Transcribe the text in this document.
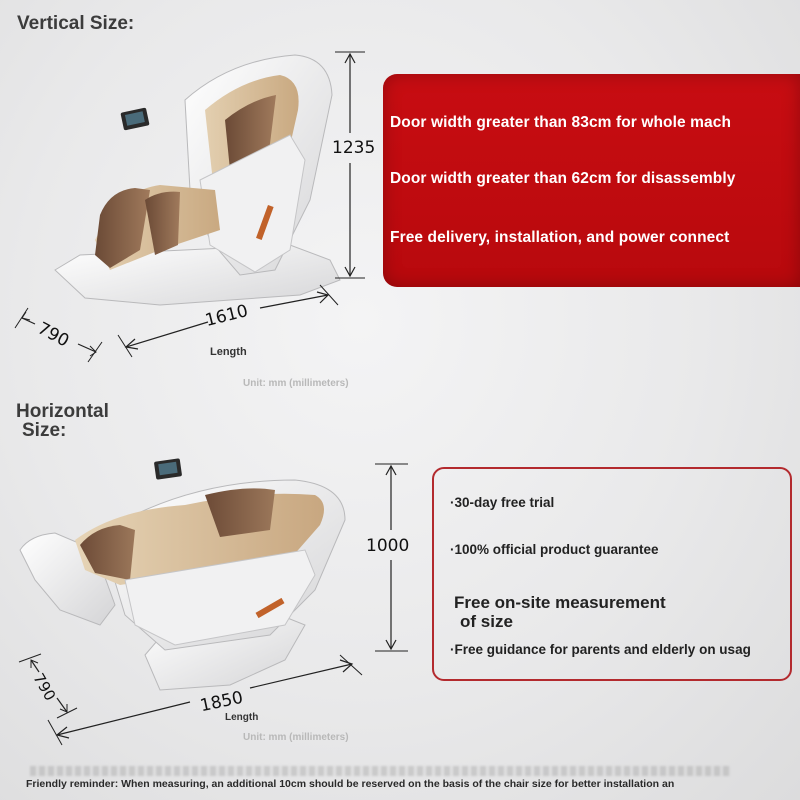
Vertical Size:
1235
1610
Length
790
Unit: mm (millimeters)
Door width greater than 83cm for whole mach
Door width greater than 62cm for disassembly
Free delivery, installation, and power connect
Horizontal
Size:
1000
1850
Length
790
Unit: mm (millimeters)
·30-day free trial
·100% official product guarantee
Free on-site measurement
of size
·Free guidance for parents and elderly on usag
Friendly reminder: When measuring, an additional 10cm should be reserved on the basis of the chair size for better installation an
